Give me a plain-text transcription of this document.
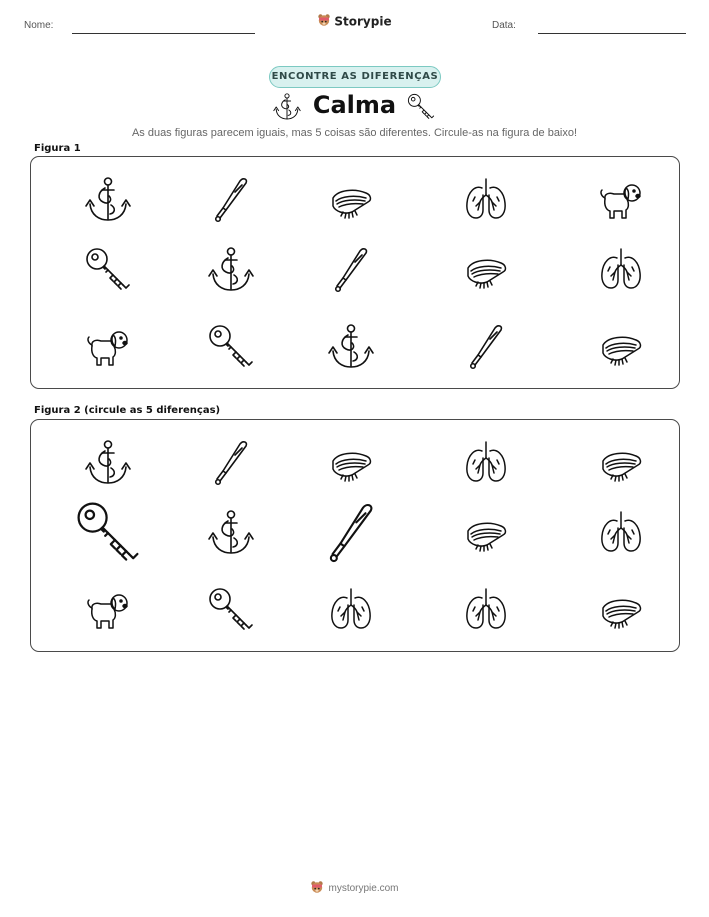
Nome:	Data:
Storypie
ENCONTRE AS DIFERENÇAS
Calma
As duas figuras parecem iguais, mas 5 coisas são diferentes. Circule-as na figura de baixo!
Figura 1
Figura 2 (circule as 5 diferenças)
mystorypie.com
